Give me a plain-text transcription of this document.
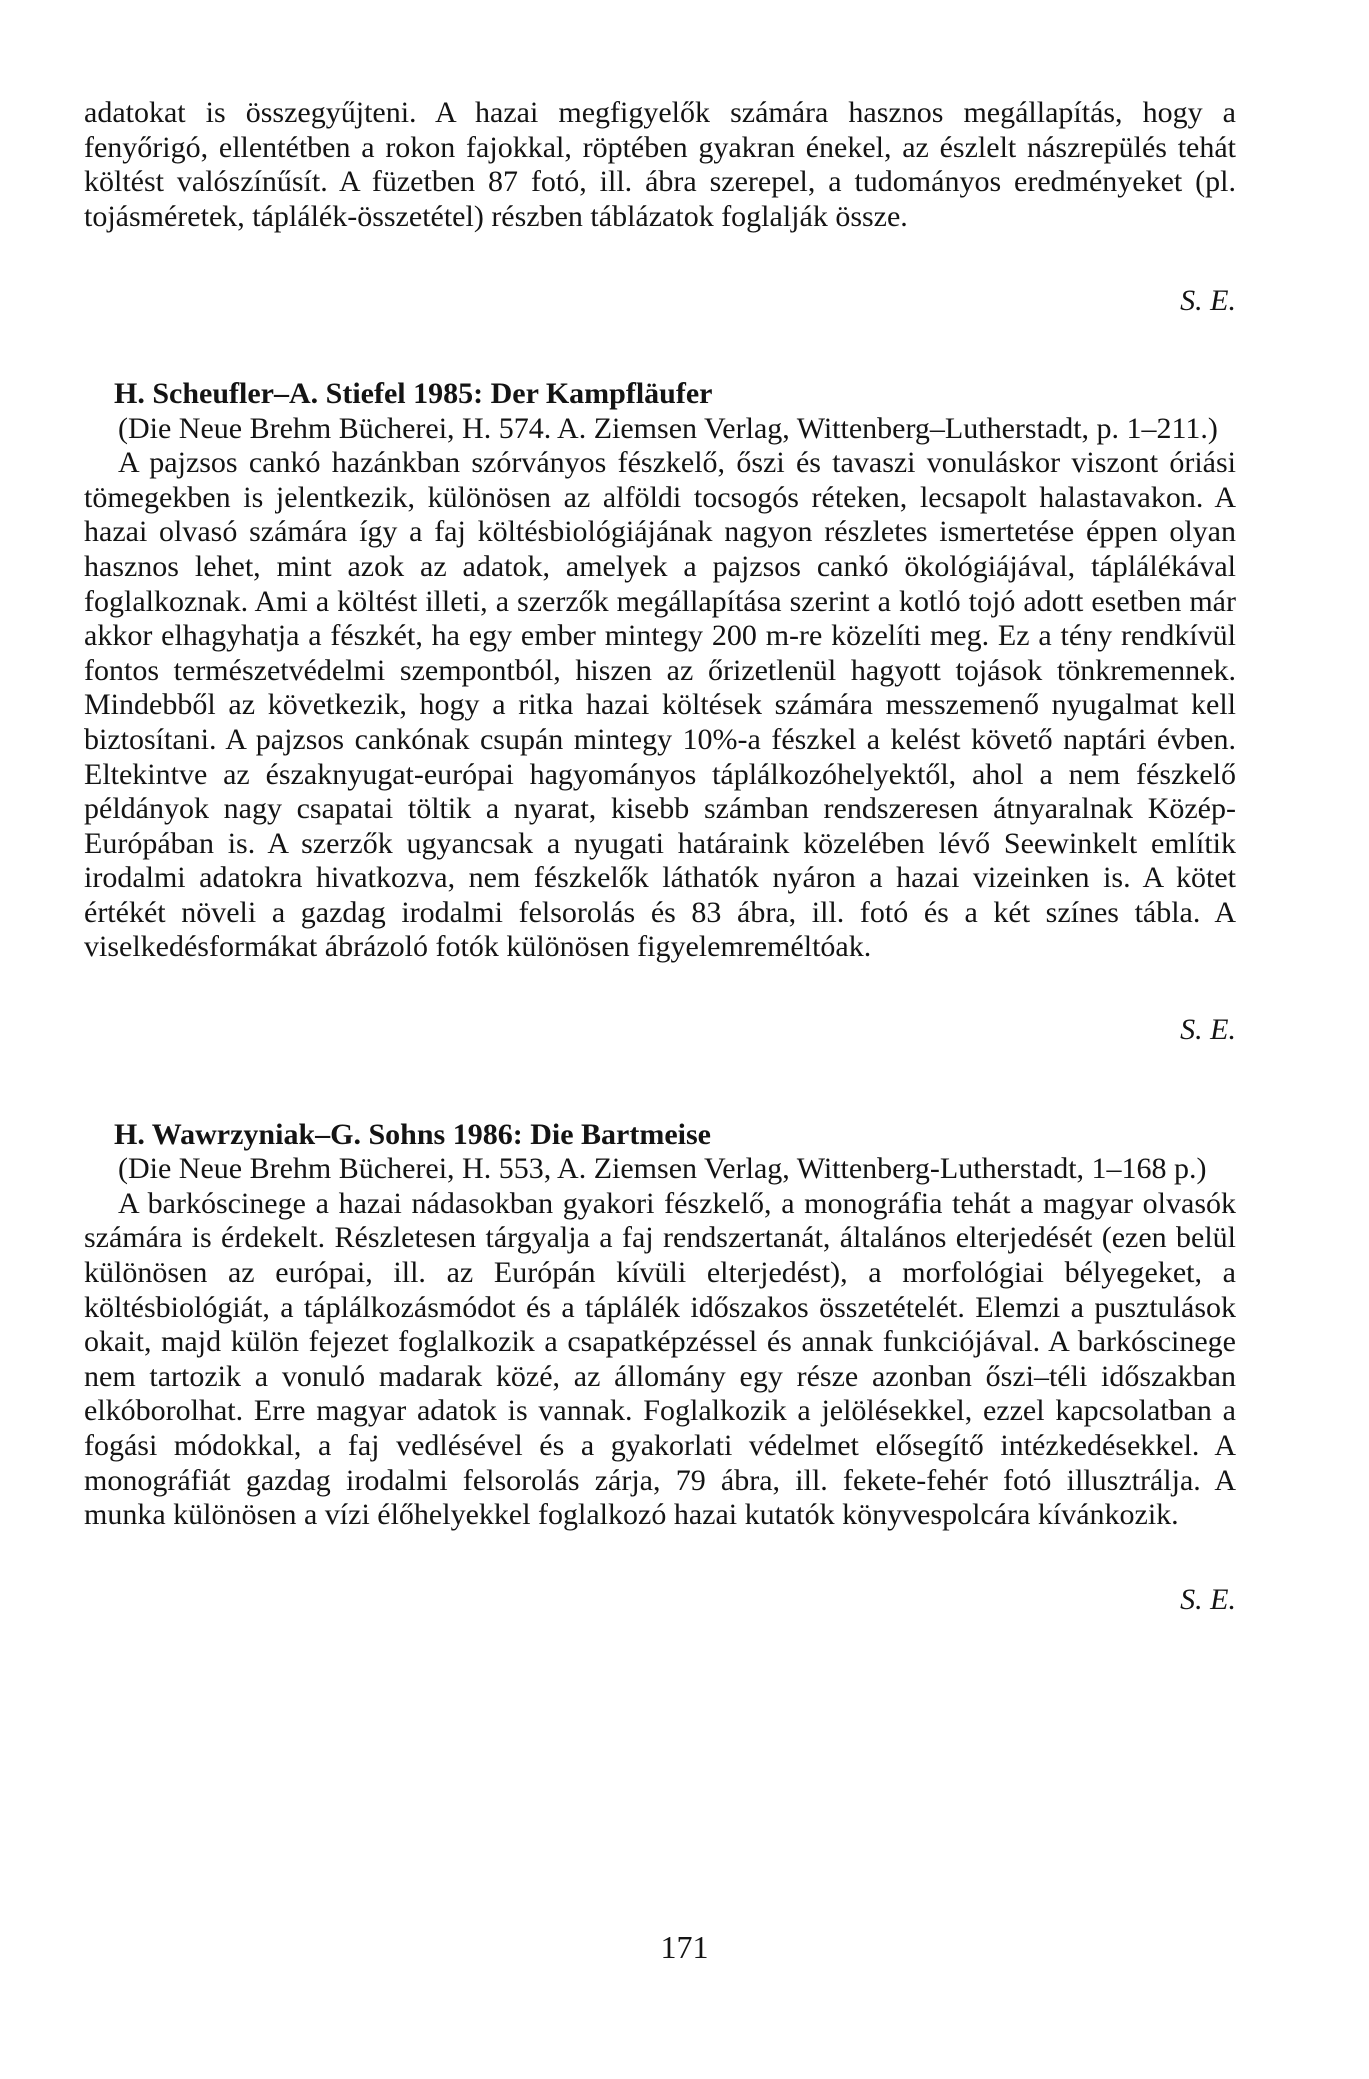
adatokat is összegyűjteni. A hazai megfigyelők számára hasznos megállapítás, hogy a fenyőrigó, ellentétben a rokon fajokkal, röptében gyakran énekel, az észlelt nászrepülés tehát költést valószínűsít. A füzetben 87 fotó, ill. ábra szerepel, a tudományos eredményeket (pl. tojásméretek, táplálék-összetétel) részben táblázatok foglalják össze.

S. E.

H. Scheufler–A. Stiefel 1985: Der Kampfläufer

(Die Neue Brehm Bücherei, H. 574. A. Ziemsen Verlag, Wittenberg–Lutherstadt, p. 1–211.)

A pajzsos cankó hazánkban szórványos fészkelő, őszi és tavaszi vonuláskor viszont óriási tömegekben is jelentkezik, különösen az alföldi tocsogós réteken, lecsapolt halastavakon. A hazai olvasó számára így a faj költésbiológiájának nagyon részletes ismertetése éppen olyan hasznos lehet, mint azok az adatok, amelyek a pajzsos cankó ökológiájával, táplálékával foglalkoznak. Ami a költést illeti, a szerzők megállapítása szerint a kotló tojó adott esetben már akkor elhagyhatja a fészkét, ha egy ember mintegy 200 m-re közelíti meg. Ez a tény rendkívül fontos természetvédelmi szempontból, hiszen az őrizetlenül hagyott tojások tönkremennek. Mindebből az következik, hogy a ritka hazai költések számára messzemenő nyugalmat kell biztosítani. A pajzsos cankónak csupán mintegy 10%-a fészkel a kelést követő naptári évben. Eltekintve az északnyugat-európai hagyományos táplálkozóhelyektől, ahol a nem fészkelő példányok nagy csapatai töltik a nyarat, kisebb számban rendszeresen átnyaralnak Közép-Európában is. A szerzők ugyancsak a nyugati határaink közelében lévő Seewinkelt említik irodalmi adatokra hivatkozva, nem fészkelők láthatók nyáron a hazai vizeinken is. A kötet értékét növeli a gazdag irodalmi felsorolás és 83 ábra, ill. fotó és a két színes tábla. A viselkedésformákat ábrázoló fotók különösen figyelemreméltóak.

S. E.

H. Wawrzyniak–G. Sohns 1986: Die Bartmeise

(Die Neue Brehm Bücherei, H. 553, A. Ziemsen Verlag, Wittenberg-Lutherstadt, 1–168 p.)

A barkóscinege a hazai nádasokban gyakori fészkelő, a monográfia tehát a magyar olvasók számára is érdekelt. Részletesen tárgyalja a faj rendszertanát, általános elterjedését (ezen belül különösen az európai, ill. az Európán kívüli elterjedést), a morfológiai bélyegeket, a költésbiológiát, a táplálkozásmódot és a táplálék időszakos összetételét. Elemzi a pusztulások okait, majd külön fejezet foglalkozik a csapatképzéssel és annak funkciójával. A barkóscinege nem tartozik a vonuló madarak közé, az állomány egy része azonban őszi–téli időszakban elkóborolhat. Erre magyar adatok is vannak. Foglalkozik a jelölésekkel, ezzel kapcsolatban a fogási módokkal, a faj vedlésével és a gyakorlati védelmet elősegítő intézkedésekkel. A monográfiát gazdag irodalmi felsorolás zárja, 79 ábra, ill. fekete-fehér fotó illusztrálja. A munka különösen a vízi élőhelyekkel foglalkozó hazai kutatók könyvespolcára kívánkozik.

S. E.

171
